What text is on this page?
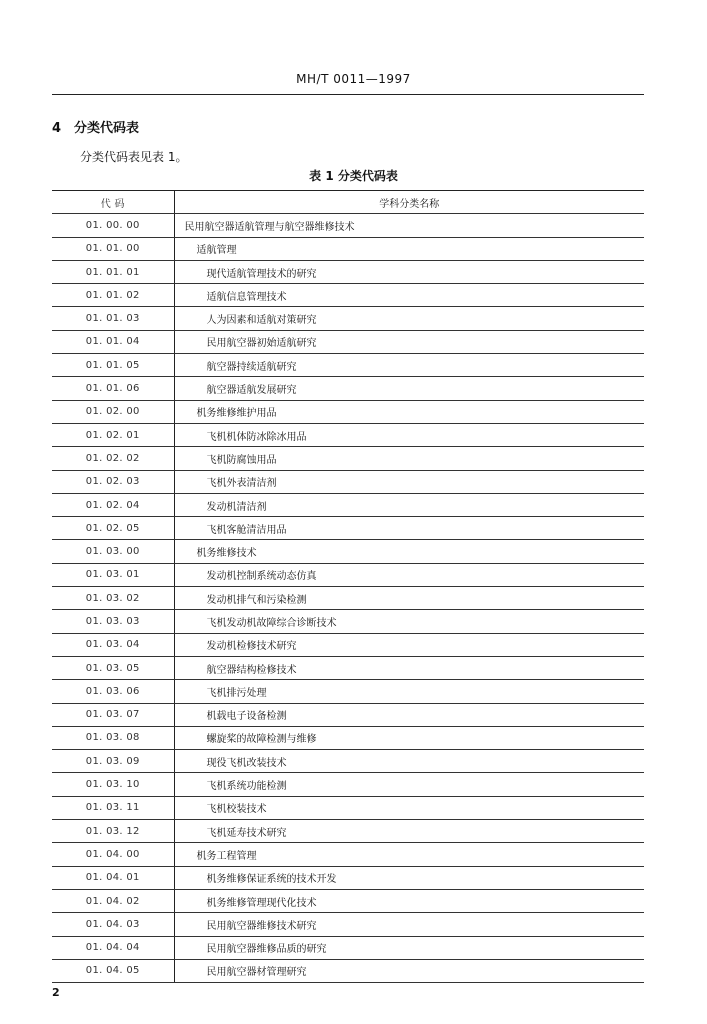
MH/T 0011—1997
4 分类代码表
分类代码表见表 1。
表 1 分类代码表
代 码	学科分类名称
01. 00. 00	民用航空器适航管理与航空器维修技术
01. 01. 00	适航管理
01. 01. 01	现代适航管理技术的研究
01. 01. 02	适航信息管理技术
01. 01. 03	人为因素和适航对策研究
01. 01. 04	民用航空器初始适航研究
01. 01. 05	航空器持续适航研究
01. 01. 06	航空器适航发展研究
01. 02. 00	机务维修维护用品
01. 02. 01	飞机机体防冰除冰用品
01. 02. 02	飞机防腐蚀用品
01. 02. 03	飞机外表清洁剂
01. 02. 04	发动机清洁剂
01. 02. 05	飞机客舱清洁用品
01. 03. 00	机务维修技术
01. 03. 01	发动机控制系统动态仿真
01. 03. 02	发动机排气和污染检测
01. 03. 03	飞机发动机故障综合诊断技术
01. 03. 04	发动机检修技术研究
01. 03. 05	航空器结构检修技术
01. 03. 06	飞机排污处理
01. 03. 07	机载电子设备检测
01. 03. 08	螺旋桨的故障检测与维修
01. 03. 09	现役飞机改装技术
01. 03. 10	飞机系统功能检测
01. 03. 11	飞机校装技术
01. 03. 12	飞机延寿技术研究
01. 04. 00	机务工程管理
01. 04. 01	机务维修保证系统的技术开发
01. 04. 02	机务维修管理现代化技术
01. 04. 03	民用航空器维修技术研究
01. 04. 04	民用航空器维修品质的研究
01. 04. 05	民用航空器材管理研究
2
